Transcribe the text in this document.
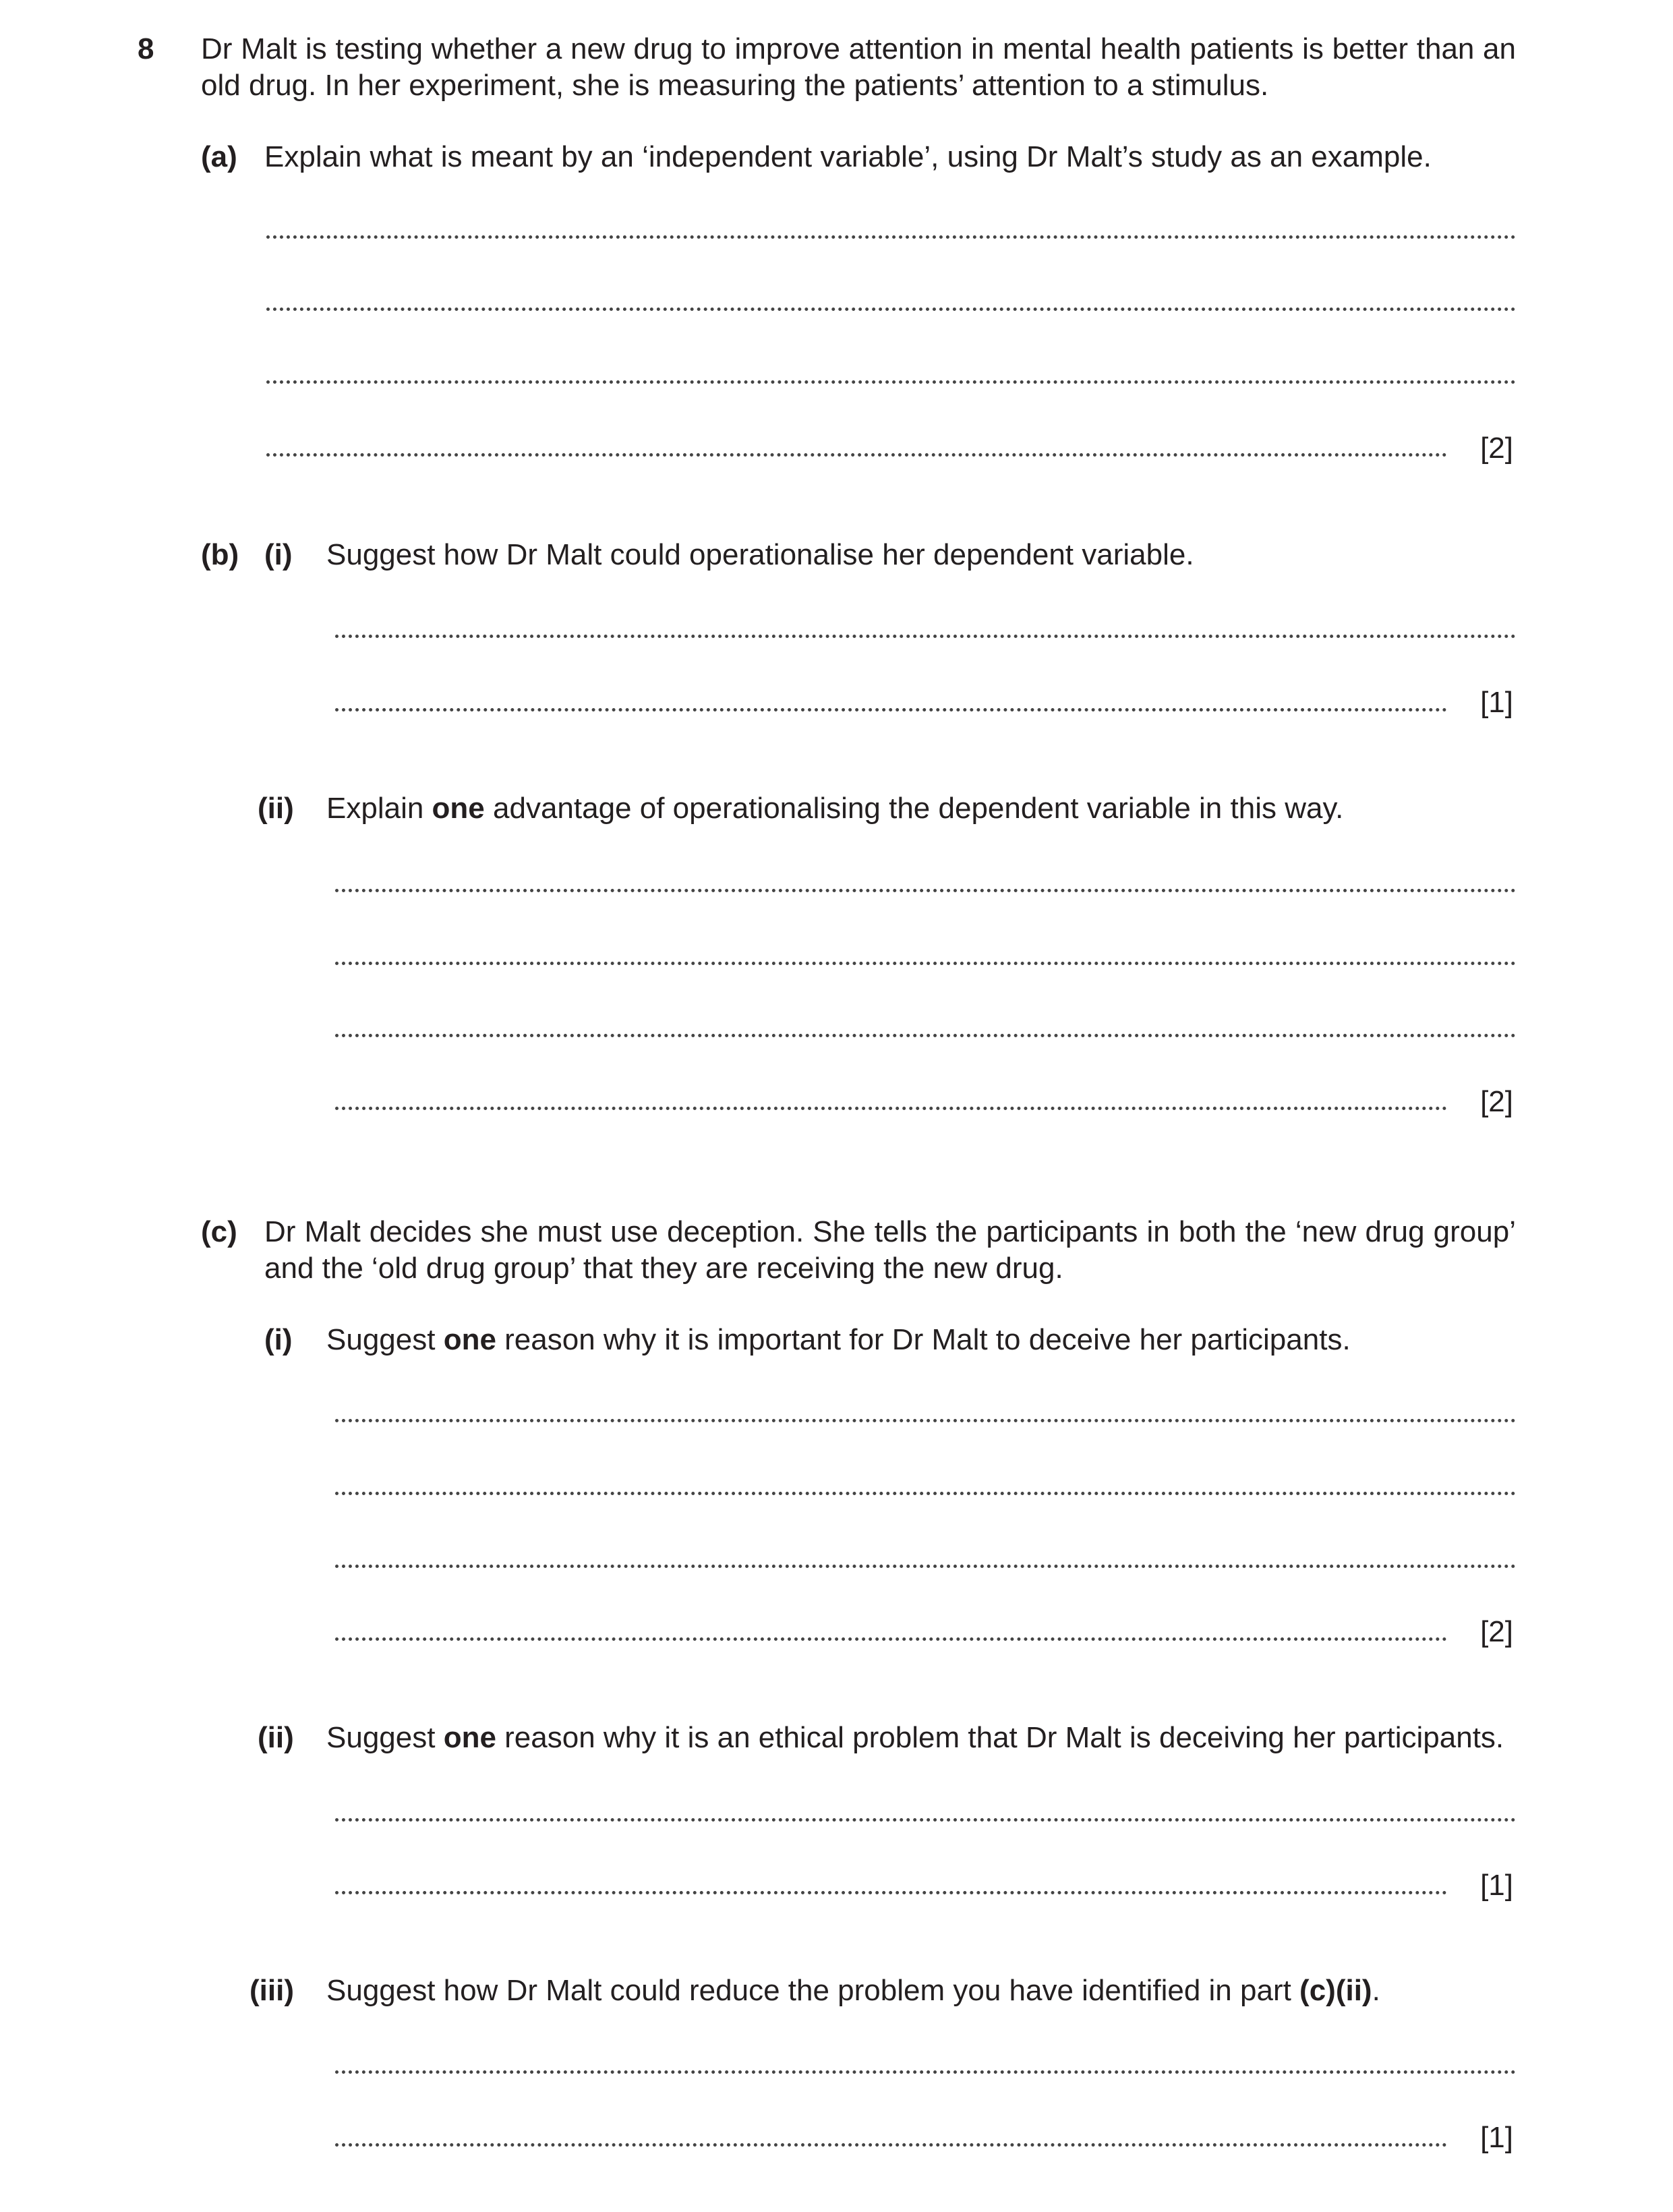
8 Dr Malt is testing whether a new drug to improve attention in mental health patients is better than an old drug. In her experiment, she is measuring the patients’ attention to a stimulus.
(a) Explain what is meant by an ‘independent variable’, using Dr Malt’s study as an example.
[2]
(b) (i) Suggest how Dr Malt could operationalise her dependent variable.
[1]
(ii) Explain one advantage of operationalising the dependent variable in this way.
[2]
(c) Dr Malt decides she must use deception. She tells the participants in both the ‘new drug group’ and the ‘old drug group’ that they are receiving the new drug.
(i) Suggest one reason why it is important for Dr Malt to deceive her participants.
[2]
(ii) Suggest one reason why it is an ethical problem that Dr Malt is deceiving her participants.
[1]
(iii) Suggest how Dr Malt could reduce the problem you have identified in part (c)(ii).
[1]
